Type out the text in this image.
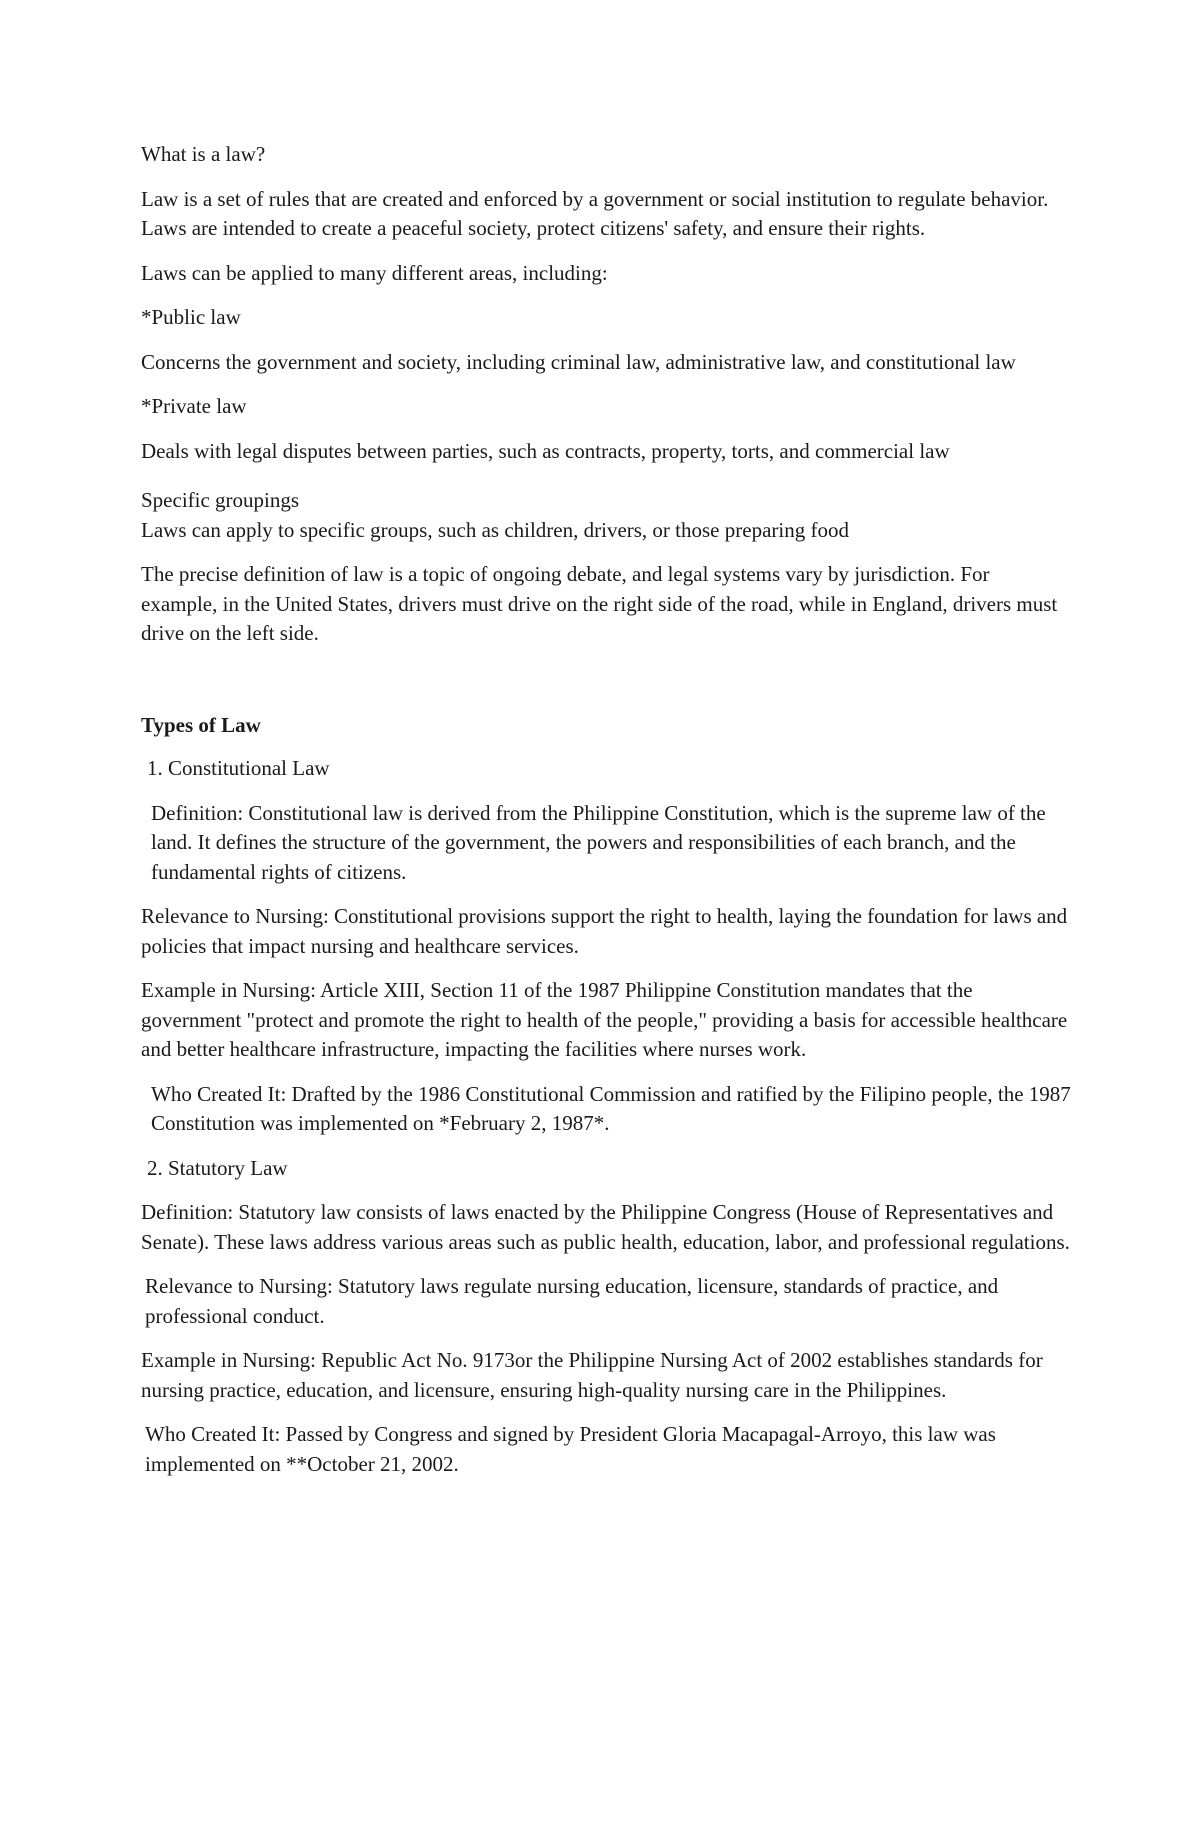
What is a law?

Law is a set of rules that are created and enforced by a government or social institution to regulate behavior. Laws are intended to create a peaceful society, protect citizens' safety, and ensure their rights.

Laws can be applied to many different areas, including:

*Public law

Concerns the government and society, including criminal law, administrative law, and constitutional law

*Private law

Deals with legal disputes between parties, such as contracts, property, torts, and commercial law

Specific groupings

Laws can apply to specific groups, such as children, drivers, or those preparing food

The precise definition of law is a topic of ongoing debate, and legal systems vary by jurisdiction. For example, in the United States, drivers must drive on the right side of the road, while in England, drivers must drive on the left side.

Types of Law

1. Constitutional Law

Definition: Constitutional law is derived from the Philippine Constitution, which is the supreme law of the land. It defines the structure of the government, the powers and responsibilities of each branch, and the fundamental rights of citizens.

Relevance to Nursing: Constitutional provisions support the right to health, laying the foundation for laws and policies that impact nursing and healthcare services.

Example in Nursing: Article XIII, Section 11 of the 1987 Philippine Constitution mandates that the government "protect and promote the right to health of the people," providing a basis for accessible healthcare and better healthcare infrastructure, impacting the facilities where nurses work.

Who Created It: Drafted by the 1986 Constitutional Commission and ratified by the Filipino people, the 1987 Constitution was implemented on *February 2, 1987*.

2. Statutory Law

Definition: Statutory law consists of laws enacted by the Philippine Congress (House of Representatives and Senate). These laws address various areas such as public health, education, labor, and professional regulations.

Relevance to Nursing: Statutory laws regulate nursing education, licensure, standards of practice, and professional conduct.

Example in Nursing: Republic Act No. 9173or the Philippine Nursing Act of 2002 establishes standards for nursing practice, education, and licensure, ensuring high-quality nursing care in the Philippines.

Who Created It: Passed by Congress and signed by President Gloria Macapagal-Arroyo, this law was implemented on **October 21, 2002.
